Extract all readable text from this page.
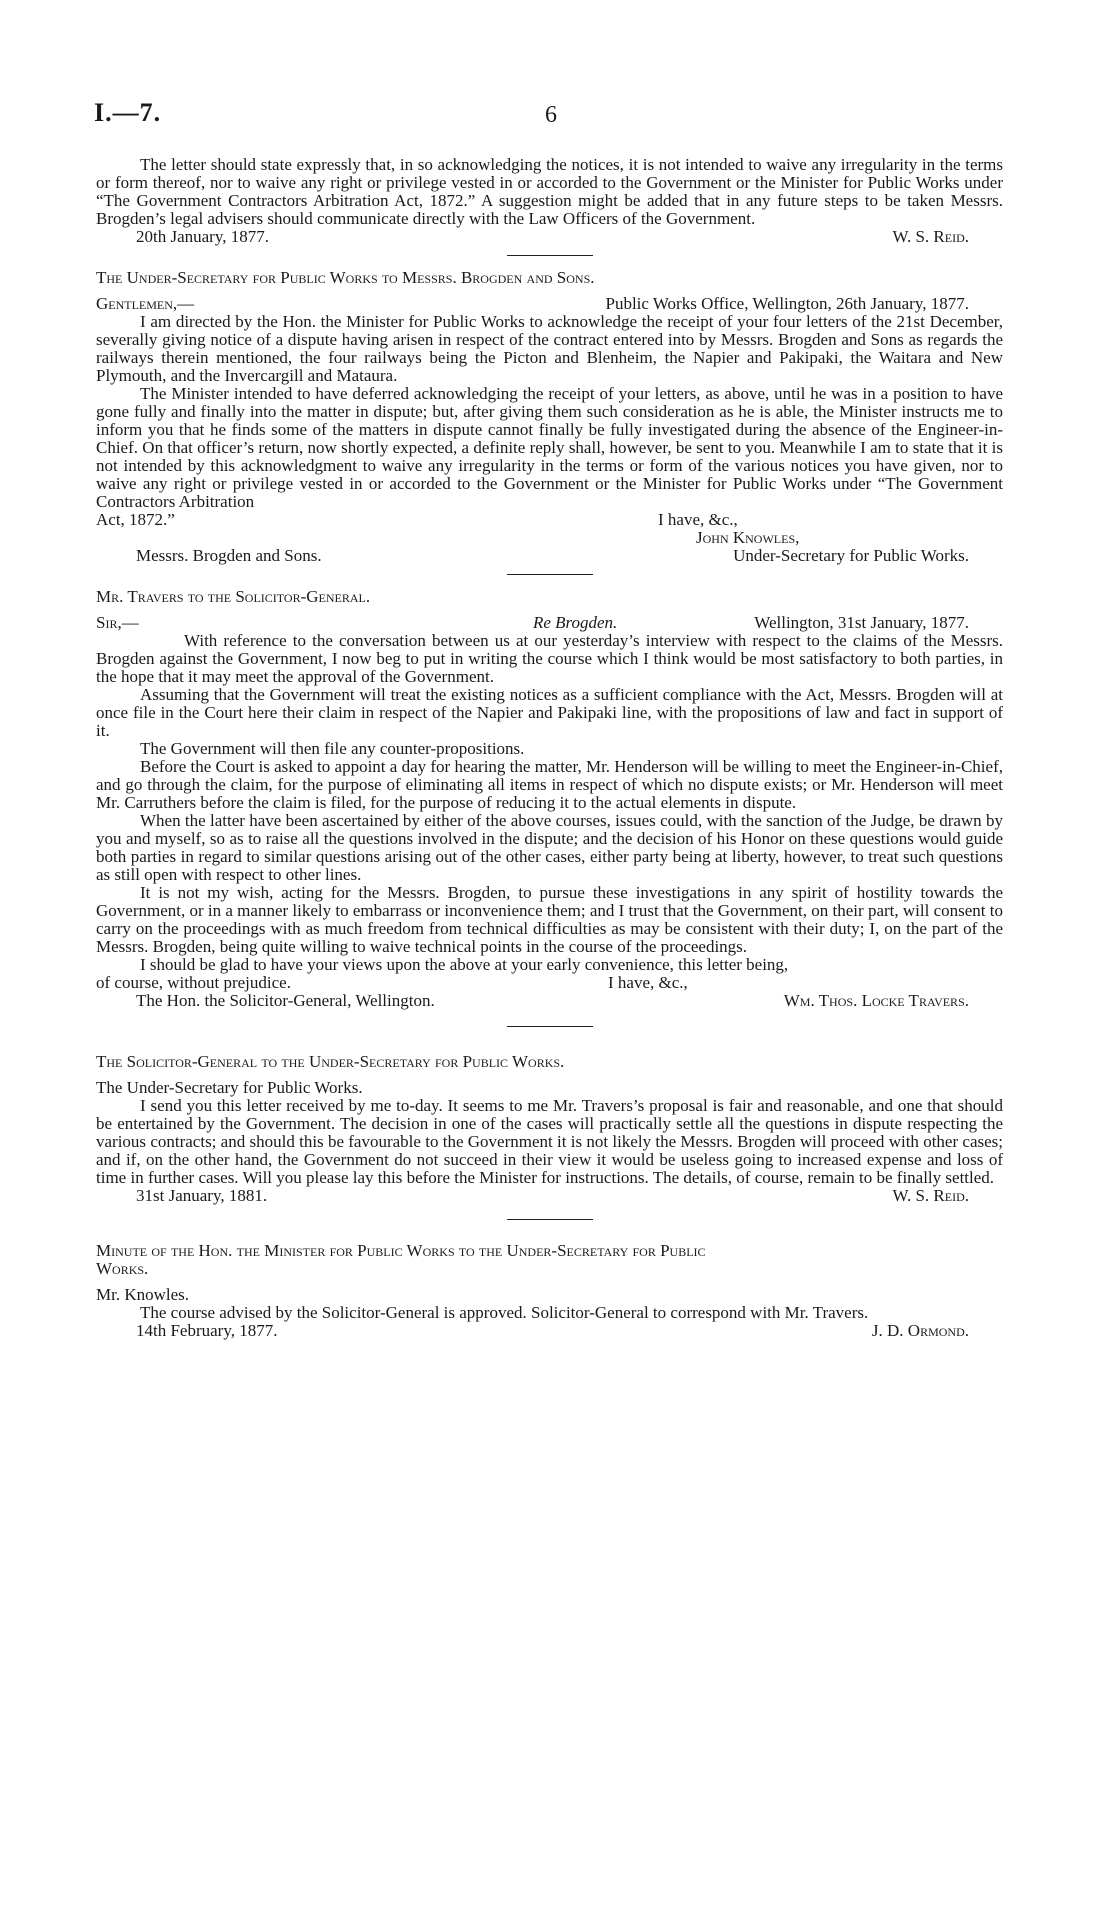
I.—7.	6

The letter should state expressly that, in so acknowledging the notices, it is not intended to waive any irregularity in the terms or form thereof, nor to waive any right or privilege vested in or accorded to the Government or the Minister for Public Works under “The Government Contractors Arbitration Act, 1872.” A suggestion might be added that in any future steps to be taken Messrs. Brogden’s legal advisers should communicate directly with the Law Officers of the Government.

20th January, 1877.	W. S. Reid.

The Under-Secretary for Public Works to Messrs. Brogden and Sons.

Gentlemen,—	Public Works Office, Wellington, 26th January, 1877.

I am directed by the Hon. the Minister for Public Works to acknowledge the receipt of your four letters of the 21st December, severally giving notice of a dispute having arisen in respect of the contract entered into by Messrs. Brogden and Sons as regards the railways therein mentioned, the four railways being the Picton and Blenheim, the Napier and Pakipaki, the Waitara and New Plymouth, and the Invercargill and Mataura.

The Minister intended to have deferred acknowledging the receipt of your letters, as above, until he was in a position to have gone fully and finally into the matter in dispute; but, after giving them such consideration as he is able, the Minister instructs me to inform you that he finds some of the matters in dispute cannot finally be fully investigated during the absence of the Engineer-in-Chief. On that officer’s return, now shortly expected, a definite reply shall, however, be sent to you. Meanwhile I am to state that it is not intended by this acknowledgment to waive any irregularity in the terms or form of the various notices you have given, nor to waive any right or privilege vested in or accorded to the Government or the Minister for Public Works under “The Government Contractors Arbitration

Act, 1872.”	I have, &c.,
John Knowles,
Messrs. Brogden and Sons.	Under-Secretary for Public Works.

Mr. Travers to the Solicitor-General.

Sir,—	Re Brogden.	Wellington, 31st January, 1877.

With reference to the conversation between us at our yesterday’s interview with respect to the claims of the Messrs. Brogden against the Government, I now beg to put in writing the course which I think would be most satisfactory to both parties, in the hope that it may meet the approval of the Government.

Assuming that the Government will treat the existing notices as a sufficient compliance with the Act, Messrs. Brogden will at once file in the Court here their claim in respect of the Napier and Pakipaki line, with the propositions of law and fact in support of it.

The Government will then file any counter-propositions.

Before the Court is asked to appoint a day for hearing the matter, Mr. Henderson will be willing to meet the Engineer-in-Chief, and go through the claim, for the purpose of eliminating all items in respect of which no dispute exists; or Mr. Henderson will meet Mr. Carruthers before the claim is filed, for the purpose of reducing it to the actual elements in dispute.

When the latter have been ascertained by either of the above courses, issues could, with the sanction of the Judge, be drawn by you and myself, so as to raise all the questions involved in the dispute; and the decision of his Honor on these questions would guide both parties in regard to similar questions arising out of the other cases, either party being at liberty, however, to treat such questions as still open with respect to other lines.

It is not my wish, acting for the Messrs. Brogden, to pursue these investigations in any spirit of hostility towards the Government, or in a manner likely to embarrass or inconvenience them; and I trust that the Government, on their part, will consent to carry on the proceedings with as much freedom from technical difficulties as may be consistent with their duty; I, on the part of the Messrs. Brogden, being quite willing to waive technical points in the course of the proceedings.

I should be glad to have your views upon the above at your early convenience, this letter being,

of course, without prejudice.	I have, &c.,
The Hon. the Solicitor-General, Wellington.	Wm. Thos. Locke Travers.

The Solicitor-General to the Under-Secretary for Public Works.

The Under-Secretary for Public Works.

I send you this letter received by me to-day. It seems to me Mr. Travers’s proposal is fair and reasonable, and one that should be entertained by the Government. The decision in one of the cases will practically settle all the questions in dispute respecting the various contracts; and should this be favourable to the Government it is not likely the Messrs. Brogden will proceed with other cases; and if, on the other hand, the Government do not succeed in their view it would be useless going to increased expense and loss of time in further cases. Will you please lay this before the Minister for instructions. The details, of course, remain to be finally settled.

31st January, 1881.	W. S. Reid.

Minute of the Hon. the Minister for Public Works to the Under-Secretary for Public

Works.

Mr. Knowles.

The course advised by the Solicitor-General is approved. Solicitor-General to correspond with Mr. Travers.

14th February, 1877.	J. D. Ormond.
